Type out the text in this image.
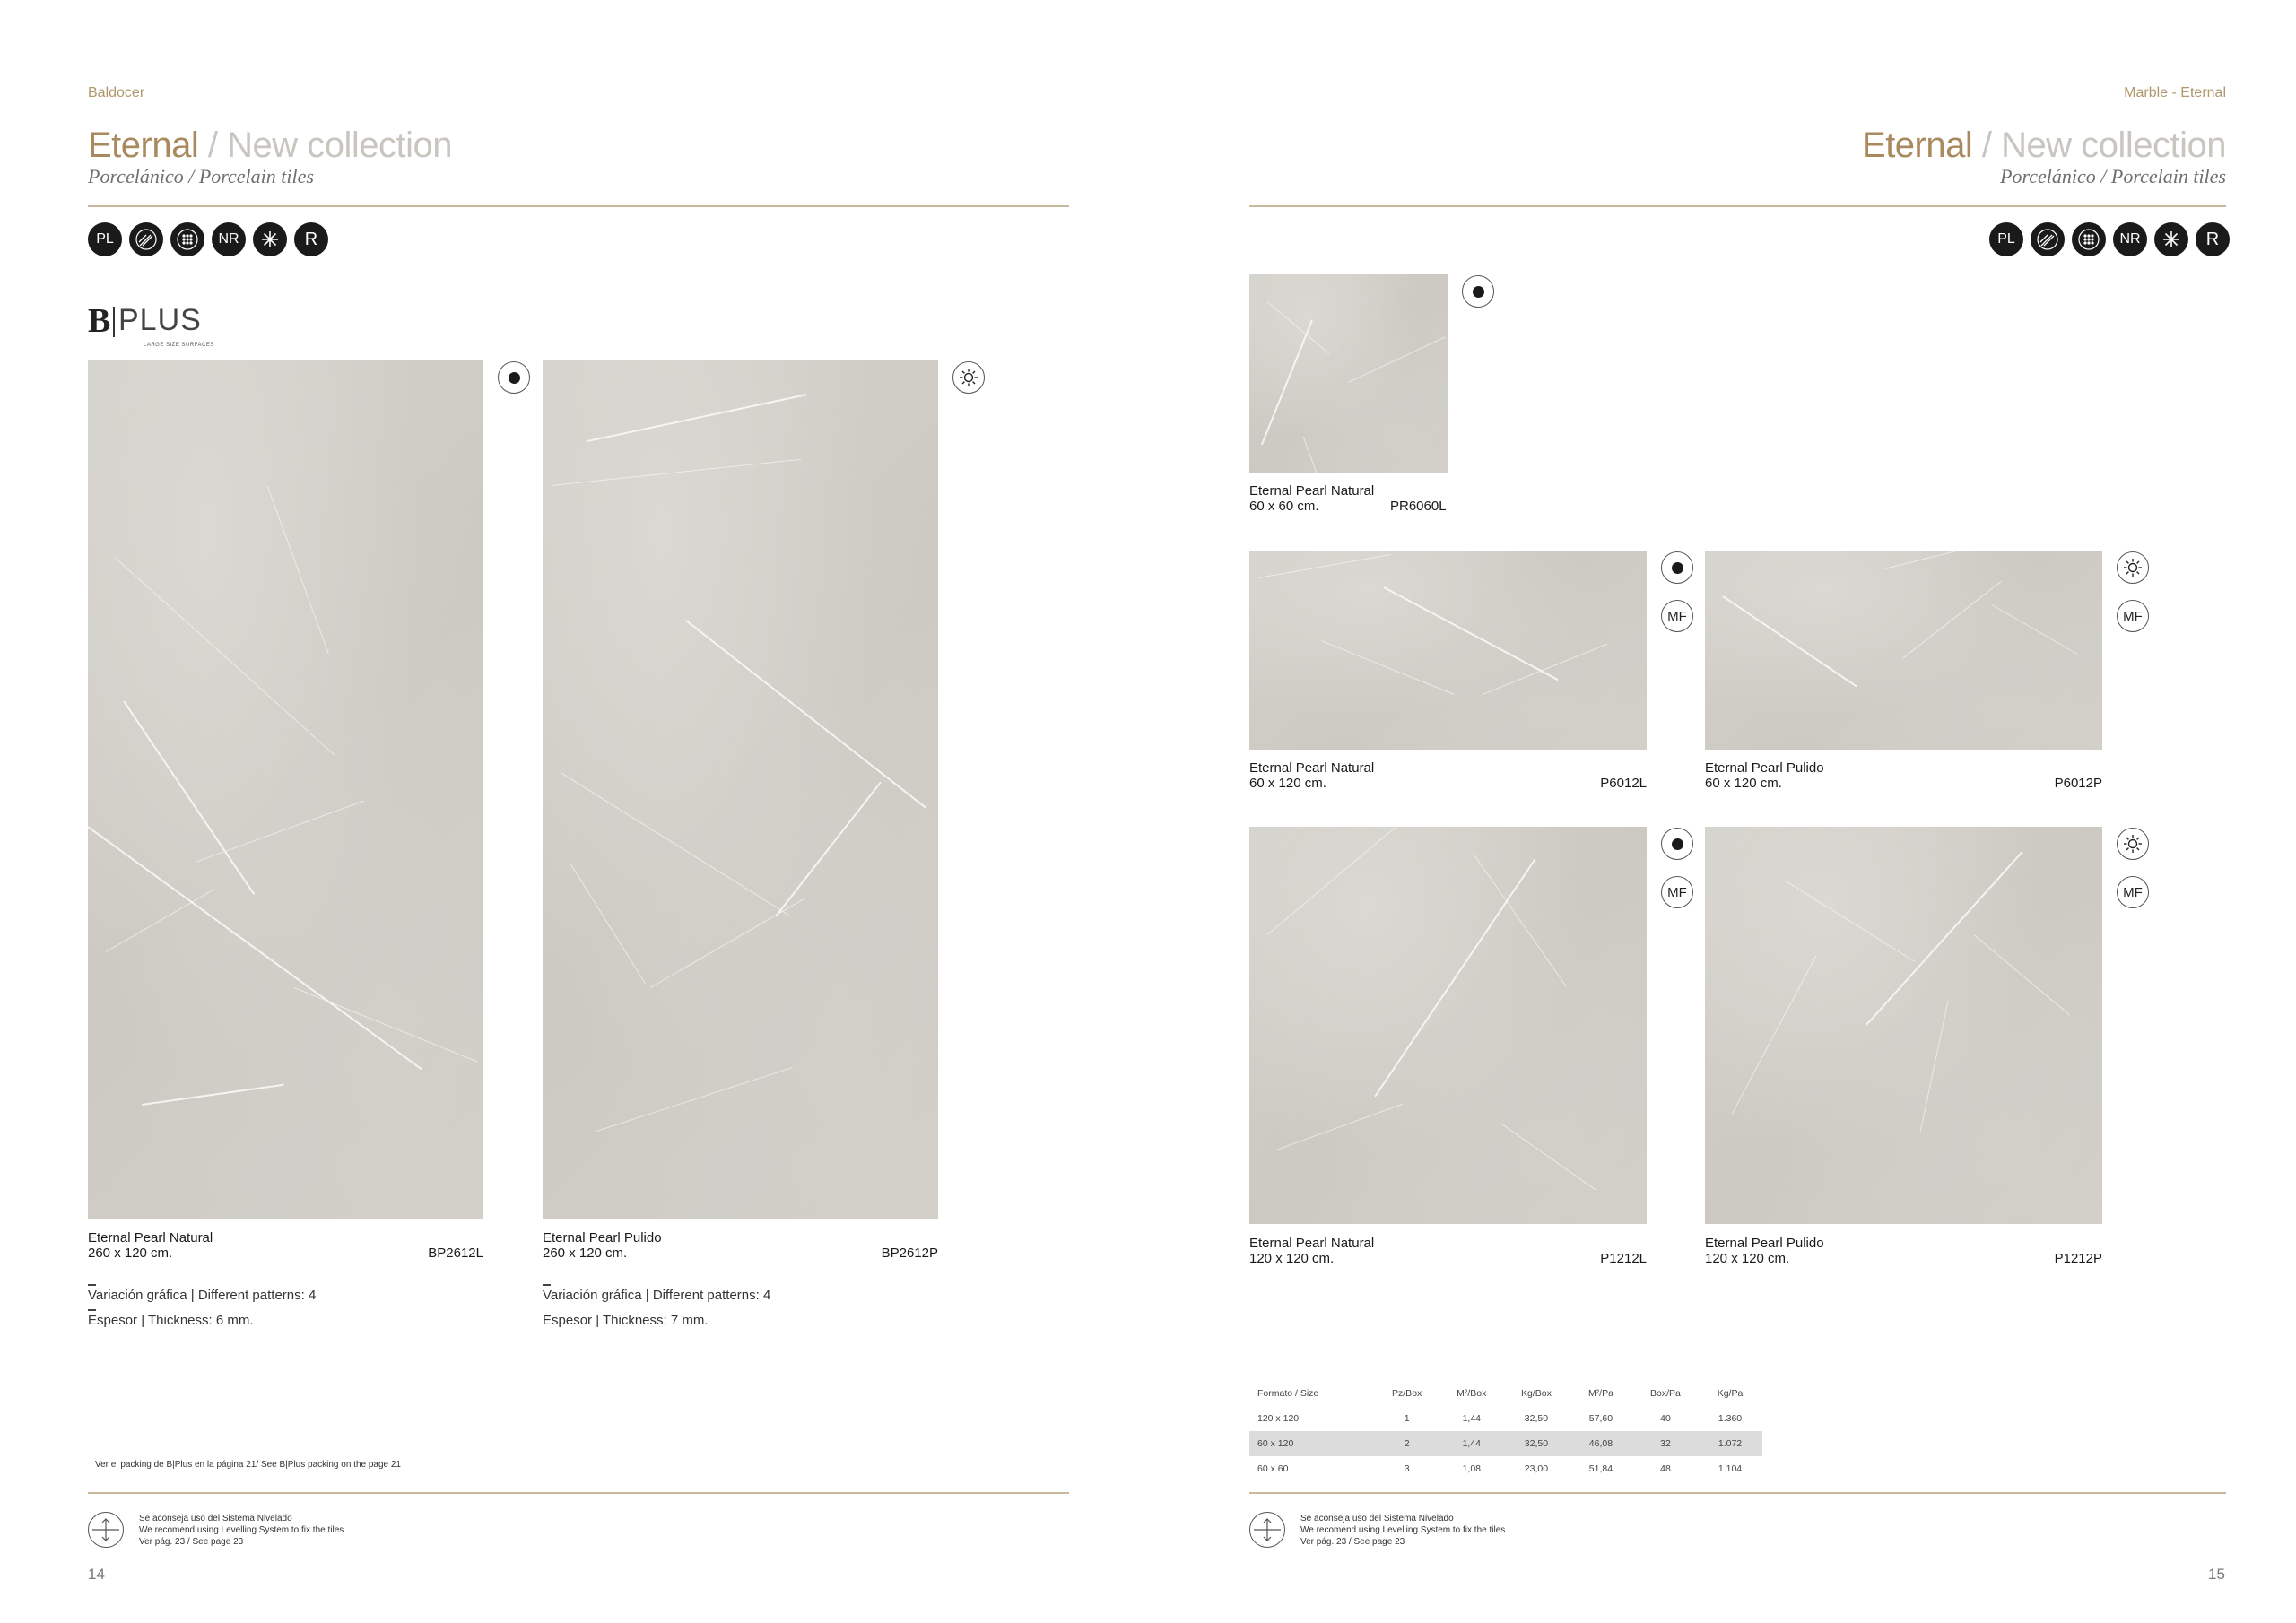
Baldocer
Eternal / New collection
Porcelánico / Porcelain tiles
PL	NR	R
B PLUS
LARGE SIZE SURFACES
Eternal Pearl Natural
260 x 120 cm.	BP2612L
Eternal Pearl Pulido
260 x 120 cm.	BP2612P
Variación gráfica | Different patterns: 4
Espesor | Thickness: 6 mm.
Variación gráfica | Different patterns: 4
Espesor | Thickness: 7 mm.
Ver el packing de B|Plus en la página 21/ See B|Plus packing on the page 21
Se aconseja uso del Sistema Nivelado
We recomend using Levelling System to fix the tiles
Ver pág. 23 / See page 23
14
Marble - Eternal
Eternal / New collection
Porcelánico / Porcelain tiles
PL	NR	R
Eternal Pearl Natural
60 x 60 cm.	PR6060L
MF
Eternal Pearl Natural
60 x 120 cm.	P6012L
MF
Eternal Pearl Pulido
60 x 120 cm.	P6012P
MF
Eternal Pearl Natural
120 x 120 cm.	P1212L
MF
Eternal Pearl Pulido
120 x 120 cm.	P1212P
Formato / Size	Pz/Box	M²/Box	Kg/Box	M²/Pa	Box/Pa	Kg/Pa
120 x 120	1	1,44	32,50	57,60	40	1.360
60 x 120	2	1,44	32,50	46,08	32	1.072
60 x 60	3	1,08	23,00	51,84	48	1.104
Se aconseja uso del Sistema Nivelado
We recomend using Levelling System to fix the tiles
Ver pág. 23 / See page 23
15
